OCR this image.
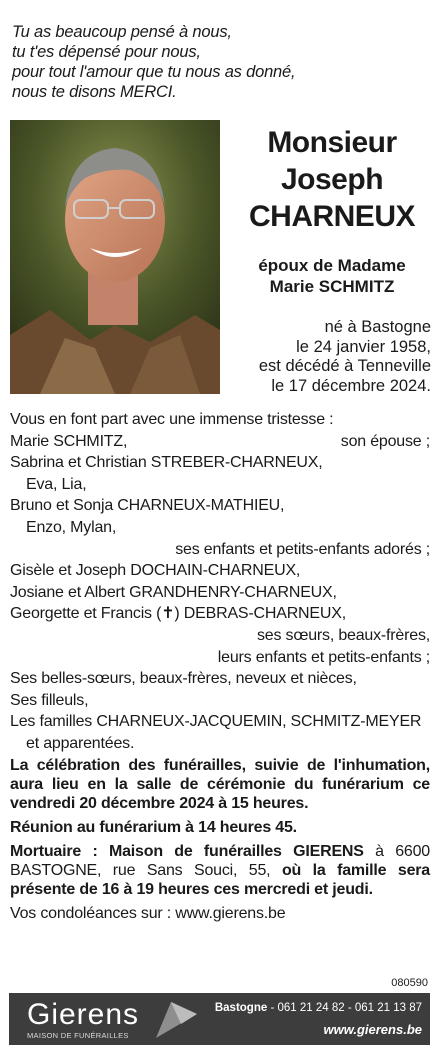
Tu as beaucoup pensé à nous,
tu t'es dépensé pour nous,
pour tout l'amour que tu nous as donné,
nous te disons MERCI.
Monsieur
Joseph
CHARNEUX
époux de Madame
Marie SCHMITZ
né à Bastogne
le 24 janvier 1958,
est décédé à Tenneville
le 17 décembre 2024.
Vous en font part avec une immense tristesse :
Marie SCHMITZ,	son épouse ;
Sabrina et Christian STREBER-CHARNEUX,
Eva, Lia,
Bruno et Sonja CHARNEUX-MATHIEU,
Enzo, Mylan,
ses enfants et petits-enfants adorés ;
Gisèle et Joseph DOCHAIN-CHARNEUX,
Josiane et Albert GRANDHENRY-CHARNEUX,
Georgette et Francis (✝) DEBRAS-CHARNEUX,
ses sœurs, beaux-frères,
leurs enfants et petits-enfants ;
Ses belles-sœurs, beaux-frères, neveux et nièces,
Ses filleuls,
Les familles CHARNEUX-JACQUEMIN, SCHMITZ-MEYER
et apparentées.
La célébration des funérailles, suivie de l'inhumation, aura lieu en la salle de cérémonie du funérarium ce vendredi 20 décembre 2024 à 15 heures.
Réunion au funérarium à 14 heures 45.
Mortuaire : Maison de funérailles GIERENS à 6600 BASTOGNE, rue Sans Souci, 55, où la famille sera présente de 16 à 19 heures ces mercredi et jeudi.
Vos condoléances sur : www.gierens.be
080590
Gierens
MAISON DE FUNÉRAILLES
Bastogne - 061 21 24 82 - 061 21 13 87
www.gierens.be
